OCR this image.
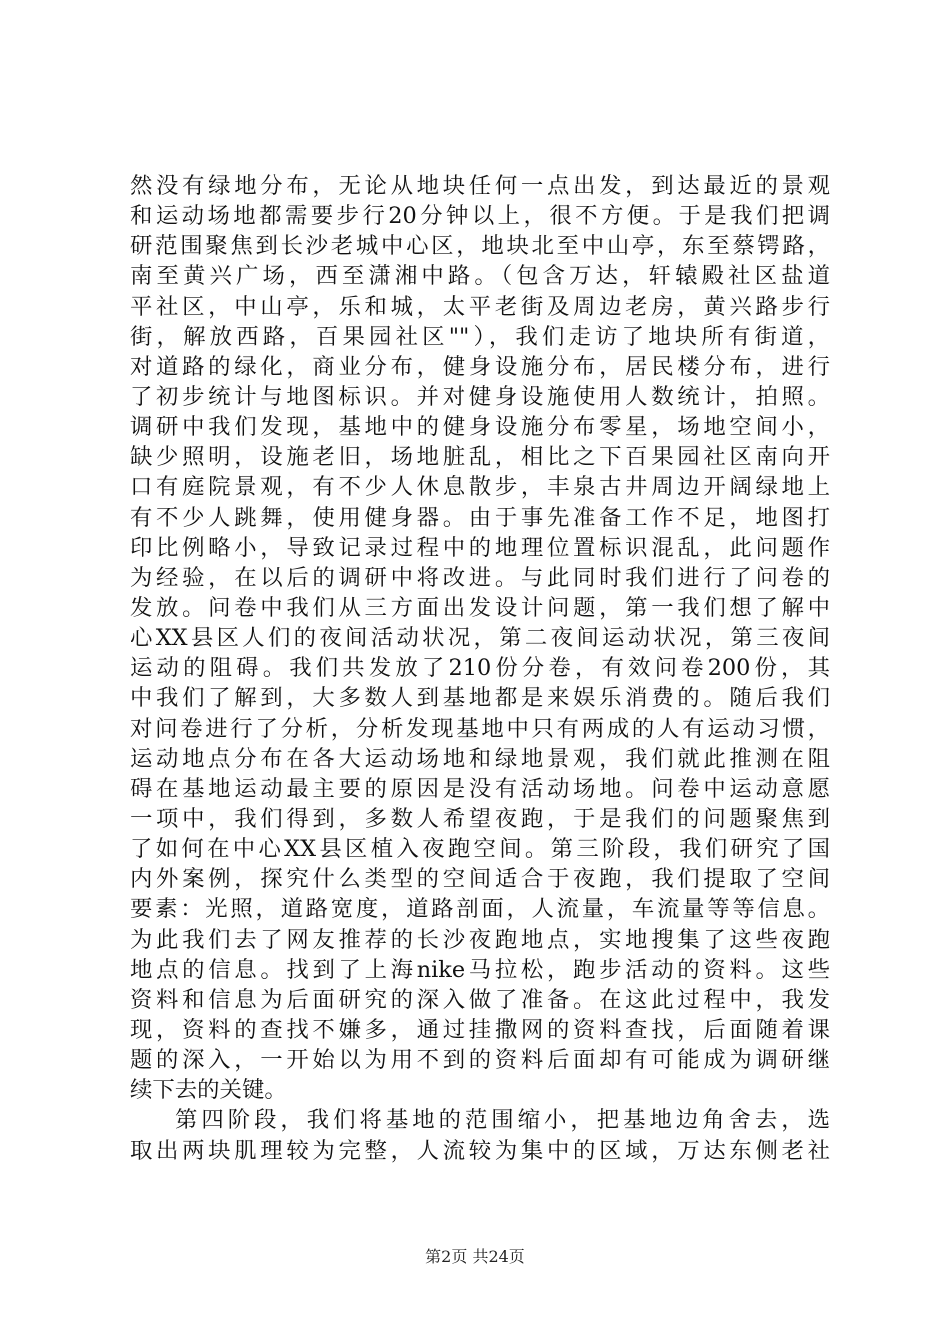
然没有绿地分布，无论从地块任何一点出发，到达最近的景观
和运动场地都需要步行20分钟以上，很不方便。于是我们把调
研范围聚焦到长沙老城中心区，地块北至中山亭，东至蔡锷路，
南至黄兴广场，西至潇湘中路。（包含万达，轩辕殿社区盐道
平社区，中山亭，乐和城，太平老街及周边老房，黄兴路步行
街，解放西路，百果园社区""），我们走访了地块所有街道，
对道路的绿化，商业分布，健身设施分布，居民楼分布，进行
了初步统计与地图标识。并对健身设施使用人数统计，拍照。
调研中我们发现，基地中的健身设施分布零星，场地空间小，
缺少照明，设施老旧，场地脏乱，相比之下百果园社区南向开
口有庭院景观，有不少人休息散步，丰泉古井周边开阔绿地上
有不少人跳舞，使用健身器。由于事先准备工作不足，地图打
印比例略小，导致记录过程中的地理位置标识混乱，此问题作
为经验，在以后的调研中将改进。与此同时我们进行了问卷的
发放。问卷中我们从三方面出发设计问题，第一我们想了解中
心XX县区人们的夜间活动状况，第二夜间运动状况，第三夜间
运动的阻碍。我们共发放了210份分卷，有效问卷200份，其
中我们了解到，大多数人到基地都是来娱乐消费的。随后我们
对问卷进行了分析，分析发现基地中只有两成的人有运动习惯，
运动地点分布在各大运动场地和绿地景观，我们就此推测在阻
碍在基地运动最主要的原因是没有活动场地。问卷中运动意愿
一项中，我们得到，多数人希望夜跑，于是我们的问题聚焦到
了如何在中心XX县区植入夜跑空间。第三阶段，我们研究了国
内外案例，探究什么类型的空间适合于夜跑，我们提取了空间
要素：光照，道路宽度，道路剖面，人流量，车流量等等信息。
为此我们去了网友推荐的长沙夜跑地点，实地搜集了这些夜跑
地点的信息。找到了上海nike马拉松，跑步活动的资料。这些
资料和信息为后面研究的深入做了准备。在这此过程中，我发
现，资料的查找不嫌多，通过挂撒网的资料查找，后面随着课
题的深入，一开始以为用不到的资料后面却有可能成为调研继
续下去的关键。
第四阶段，我们将基地的范围缩小，把基地边角舍去，选
取出两块肌理较为完整，人流较为集中的区域，万达东侧老社
第2页 共24页
